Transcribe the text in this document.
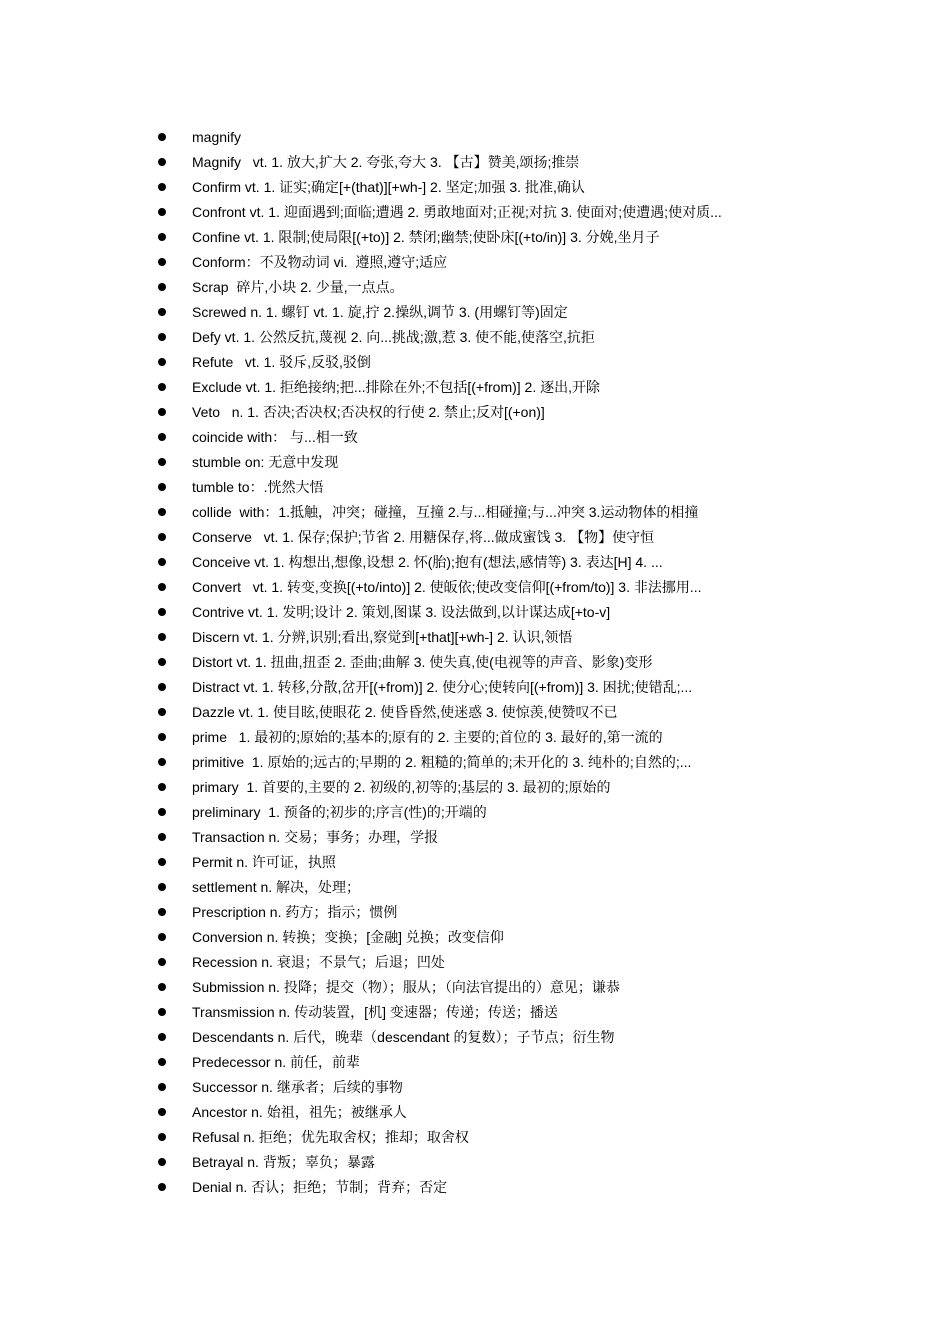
magnify
Magnify   vt. 1. 放大,扩大 2. 夸张,夸大 3. 【古】赞美,颂扬;推崇
Confirm vt. 1. 证实;确定[+(that)][+wh-] 2. 坚定;加强 3. 批准,确认
Confront vt. 1. 迎面遇到;面临;遭遇 2. 勇敢地面对;正视;对抗 3. 使面对;使遭遇;使对质...
Confine vt. 1. 限制;使局限[(+to)] 2. 禁闭;幽禁;使卧床[(+to/in)] 3. 分娩,坐月子
Conform：不及物动词 vi.  遵照,遵守;适应
Scrap  碎片,小块 2. 少量,一点点。
Screwed n. 1. 螺钉 vt. 1. 旋,拧 2.操纵,调节 3. (用螺钉等)固定
Defy vt. 1. 公然反抗,蔑视 2. 向...挑战;激,惹 3. 使不能,使落空,抗拒
Refute   vt. 1. 驳斥,反驳,驳倒
Exclude vt. 1. 拒绝接纳;把...排除在外;不包括[(+from)] 2. 逐出,开除
Veto   n. 1. 否决;否决权;否决权的行使 2. 禁止;反对[(+on)]
coincide with： 与...相一致
stumble on: 无意中发现
tumble to：.恍然大悟
collide  with：1.抵触，冲突；碰撞，互撞 2.与...相碰撞;与...冲突 3.运动物体的相撞
Conserve   vt. 1. 保存;保护;节省 2. 用糖保存,将...做成蜜饯 3. 【物】使守恒
Conceive vt. 1. 构想出,想像,设想 2. 怀(胎);抱有(想法,感情等) 3. 表达[H] 4. ...
Convert   vt. 1. 转变,变换[(+to/into)] 2. 使皈依;使改变信仰[(+from/to)] 3. 非法挪用...
Contrive vt. 1. 发明;设计 2. 策划,图谋 3. 设法做到,以计谋达成[+to-v]
Discern vt. 1. 分辨,识别;看出,察觉到[+that][+wh-] 2. 认识,领悟
Distort vt. 1. 扭曲,扭歪 2. 歪曲;曲解 3. 使失真,使(电视等的声音、影象)变形
Distract vt. 1. 转移,分散,岔开[(+from)] 2. 使分心;使转向[(+from)] 3. 困扰;使错乱;...
Dazzle vt. 1. 使目眩,使眼花 2. 使昏昏然,使迷惑 3. 使惊羡,使赞叹不已
prime   1. 最初的;原始的;基本的;原有的 2. 主要的;首位的 3. 最好的,第一流的
primitive  1. 原始的;远古的;早期的 2. 粗糙的;简单的;未开化的 3. 纯朴的;自然的;...
primary  1. 首要的,主要的 2. 初级的,初等的;基层的 3. 最初的;原始的
preliminary  1. 预备的;初步的;序言(性)的;开端的
Transaction n. 交易；事务；办理，学报
Permit n. 许可证，执照
settlement n. 解决，处理；
Prescription n. 药方；指示；惯例
Conversion n. 转换；变换；[金融] 兑换；改变信仰
Recession n. 衰退；不景气；后退；凹处
Submission n. 投降；提交（物）；服从；（向法官提出的）意见；谦恭
Transmission n. 传动装置，[机] 变速器；传递；传送；播送
Descendants n. 后代，晚辈（descendant 的复数）；子节点；衍生物
Predecessor n. 前任，前辈
Successor n. 继承者；后续的事物
Ancestor n. 始祖，祖先；被继承人
Refusal n. 拒绝；优先取舍权；推却；取舍权
Betrayal n. 背叛；辜负；暴露
Denial n. 否认；拒绝；节制；背弃；否定
